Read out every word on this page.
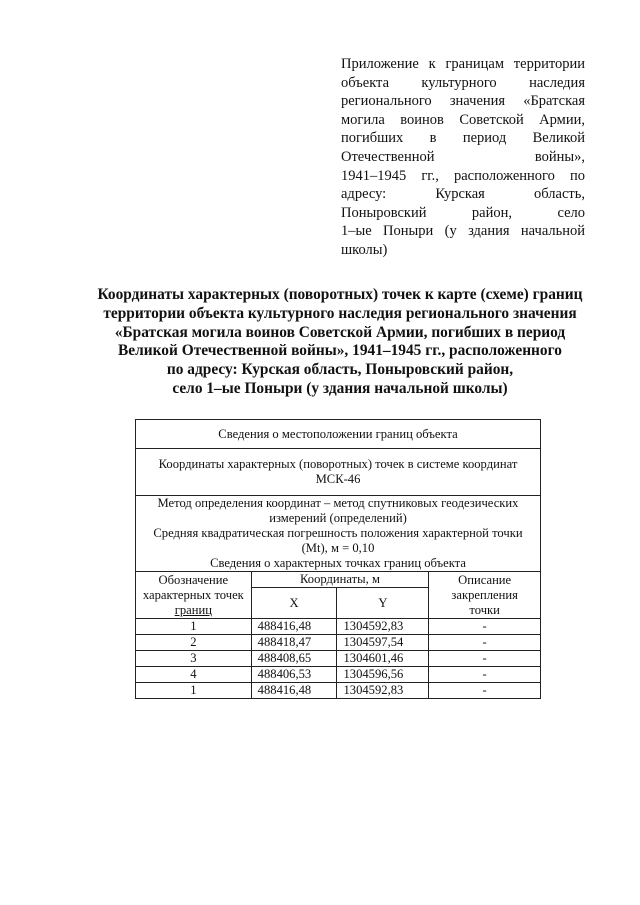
Приложение к границам территории
объекта культурного наследия
регионального значения «Братская
могила воинов Советской Армии,
погибших в период Великой
Отечественной войны»,
1941–1945 гг., расположенного по
адресу: Курская область,
Поныровский район, село
1–ые Поныри (у здания начальной
школы)
Координаты характерных (поворотных) точек к карте (схеме) границ
территории объекта культурного наследия регионального значения
«Братская могила воинов Советской Армии, погибших в период
Великой Отечественной войны», 1941–1945 гг., расположенного
по адресу: Курская область, Поныровский район,
село 1–ые Поныри (у здания начальной школы)
Сведения о местоположении границ объекта			
Координаты характерных (поворотных) точек в системе координат МСК-46			

Метод определения координат – метод спутниковых геодезических
измерений (определений)
Средняя квадратическая погрешность положения характерной точки
(Mt), м = 0,10
Сведения о характерных точках границ объекта			

Обозначение
характерных точек
границ	Координаты, м		Описание
закрепления
точки

	X	Y	
1	488416,48	1304592,83	-
2	488418,47	1304597,54	-
3	488408,65	1304601,46	-
4	488406,53	1304596,56	-
1	488416,48	1304592,83	-
